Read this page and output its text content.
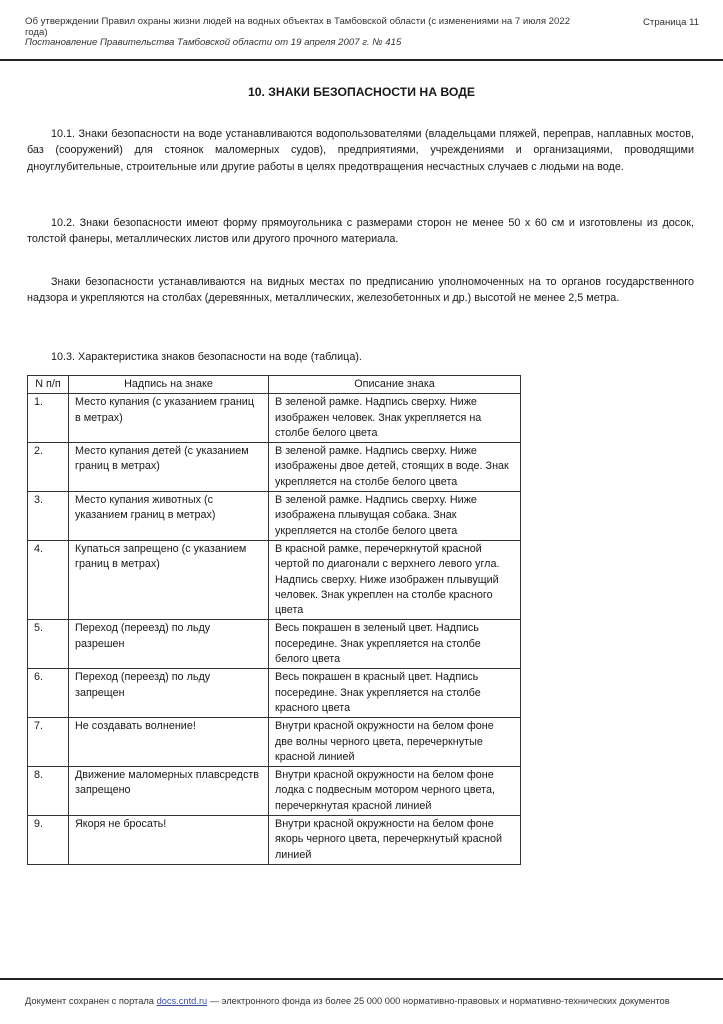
Об утверждении Правил охраны жизни людей на водных объектах в Тамбовской области (с изменениями на 7 июля 2022 года)
Постановление Правительства Тамбовской области от 19 апреля 2007 г. № 415
Страница 11
10. ЗНАКИ БЕЗОПАСНОСТИ НА ВОДЕ
10.1. Знаки безопасности на воде устанавливаются водопользователями (владельцами пляжей, переправ, наплавных мостов, баз (сооружений) для стоянок маломерных судов), предприятиями, учреждениями и организациями, проводящими дноуглубительные, строительные или другие работы в целях предотвращения несчастных случаев с людьми на воде.
10.2. Знаки безопасности имеют форму прямоугольника с размерами сторон не менее 50 х 60 см и изготовлены из досок, толстой фанеры, металлических листов или другого прочного материала.
Знаки безопасности устанавливаются на видных местах по предписанию уполномоченных на то органов государственного надзора и укрепляются на столбах (деревянных, металлических, железобетонных и др.) высотой не менее 2,5 метра.
10.3. Характеристика знаков безопасности на воде (таблица).
N п/п	Надпись на знаке	Описание знака
1.	Место купания (с указанием границ в метрах)	В зеленой рамке. Надпись сверху. Ниже изображен человек. Знак укрепляется на столбе белого цвета
2.	Место купания детей (с указанием границ в метрах)	В зеленой рамке. Надпись сверху. Ниже изображены двое детей, стоящих в воде. Знак укрепляется на столбе белого цвета
3.	Место купания животных (с указанием границ в метрах)	В зеленой рамке. Надпись сверху. Ниже изображена плывущая собака. Знак укрепляется на столбе белого цвета
4.	Купаться запрещено (с указанием границ в метрах)	В красной рамке, перечеркнутой красной чертой по диагонали с верхнего левого угла. Надпись сверху. Ниже изображен плывущий человек. Знак укреплен на столбе красного цвета
5.	Переход (переезд) по льду разрешен	Весь покрашен в зеленый цвет. Надпись посередине. Знак укрепляется на столбе белого цвета
6.	Переход (переезд) по льду запрещен	Весь покрашен в красный цвет. Надпись посередине. Знак укрепляется на столбе красного цвета
7.	Не создавать волнение!	Внутри красной окружности на белом фоне две волны черного цвета, перечеркнутые красной линией
8.	Движение маломерных плавсредств запрещено	Внутри красной окружности на белом фоне лодка с подвесным мотором черного цвета, перечеркнутая красной линией
9.	Якоря не бросать!	Внутри красной окружности на белом фоне якорь черного цвета, перечеркнутый красной линией
Документ сохранен с портала docs.cntd.ru — электронного фонда из более 25 000 000 нормативно-правовых и нормативно-технических документов
